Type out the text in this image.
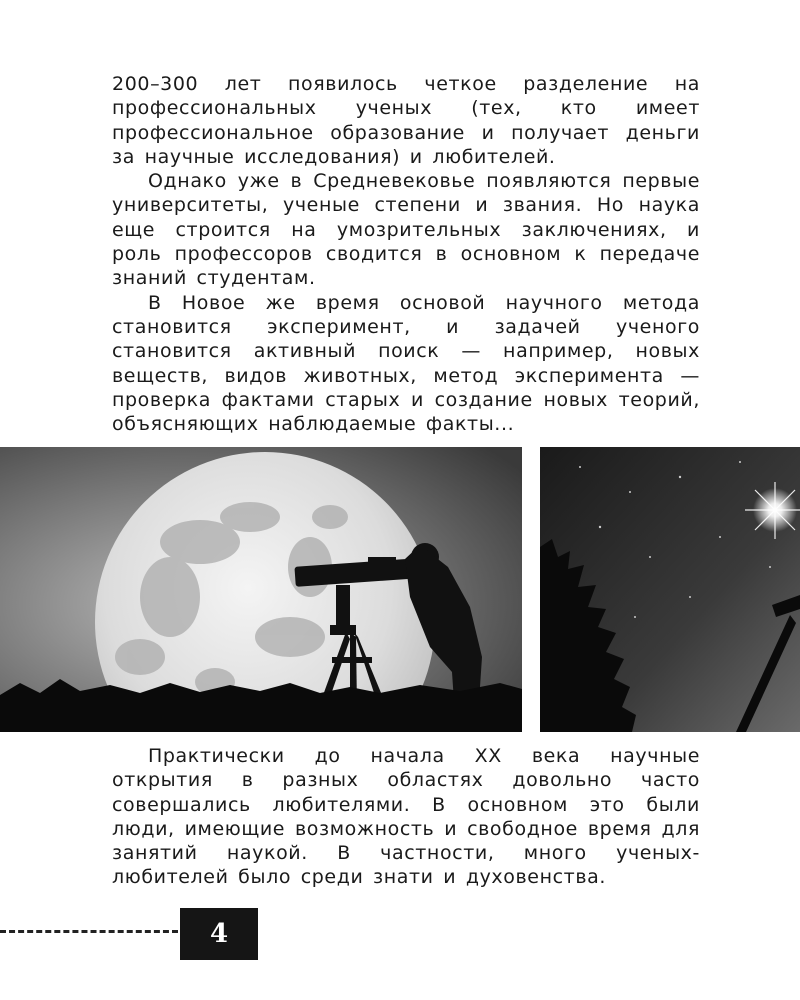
200–300 лет появилось четкое разделение на профессиональных ученых (тех, кто имеет профессиональное образование и получает деньги за научные исследования) и любителей.

Однако уже в Средневековье появляются первые университеты, ученые степени и звания. Но наука еще строится на умозрительных заключениях, и роль профессоров сводится в основном к передаче знаний студентам.

В Новое же время основой научного метода становится эксперимент, и задачей ученого становится активный поиск — например, новых веществ, видов животных, метод эксперимента — проверка фактами старых и создание новых теорий, объясняющих наблюдаемые факты...

Практически до начала XX века научные открытия в разных областях довольно часто совершались любителями. В основном это были люди, имеющие возможность и свободное время для занятий наукой. В частности, много ученых-любителей было среди знати и духовенства.

4
